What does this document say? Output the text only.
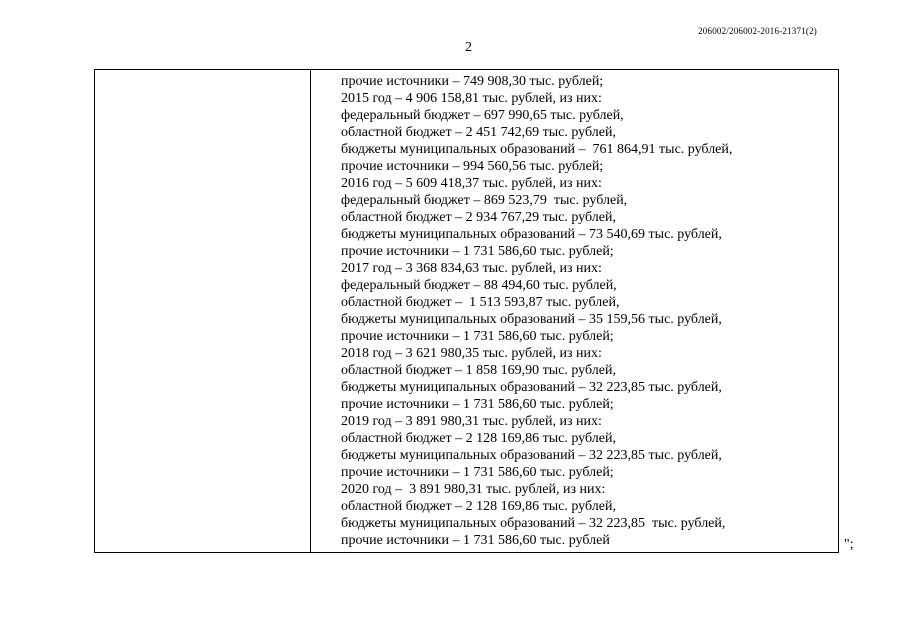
206002/206002-2016-21371(2)
2
прочие источники – 749 908,30 тыс. рублей;
2015 год – 4 906 158,81 тыс. рублей, из них:
федеральный бюджет – 697 990,65 тыс. рублей,
областной бюджет – 2 451 742,69 тыс. рублей,
бюджеты муниципальных образований –  761 864,91 тыс. рублей,
прочие источники – 994 560,56 тыс. рублей;
2016 год – 5 609 418,37 тыс. рублей, из них:
федеральный бюджет – 869 523,79  тыс. рублей,
областной бюджет – 2 934 767,29 тыс. рублей,
бюджеты муниципальных образований – 73 540,69 тыс. рублей,
прочие источники – 1 731 586,60 тыс. рублей;
2017 год – 3 368 834,63 тыс. рублей, из них:
федеральный бюджет – 88 494,60 тыс. рублей,
областной бюджет –  1 513 593,87 тыс. рублей,
бюджеты муниципальных образований – 35 159,56 тыс. рублей,
прочие источники – 1 731 586,60 тыс. рублей;
2018 год – 3 621 980,35 тыс. рублей, из них:
областной бюджет – 1 858 169,90 тыс. рублей,
бюджеты муниципальных образований – 32 223,85 тыс. рублей,
прочие источники – 1 731 586,60 тыс. рублей;
2019 год – 3 891 980,31 тыс. рублей, из них:
областной бюджет – 2 128 169,86 тыс. рублей,
бюджеты муниципальных образований – 32 223,85 тыс. рублей,
прочие источники – 1 731 586,60 тыс. рублей;
2020 год –  3 891 980,31 тыс. рублей, из них:
областной бюджет – 2 128 169,86 тыс. рублей,
бюджеты муниципальных образований – 32 223,85  тыс. рублей,
прочие источники – 1 731 586,60 тыс. рублей	";
